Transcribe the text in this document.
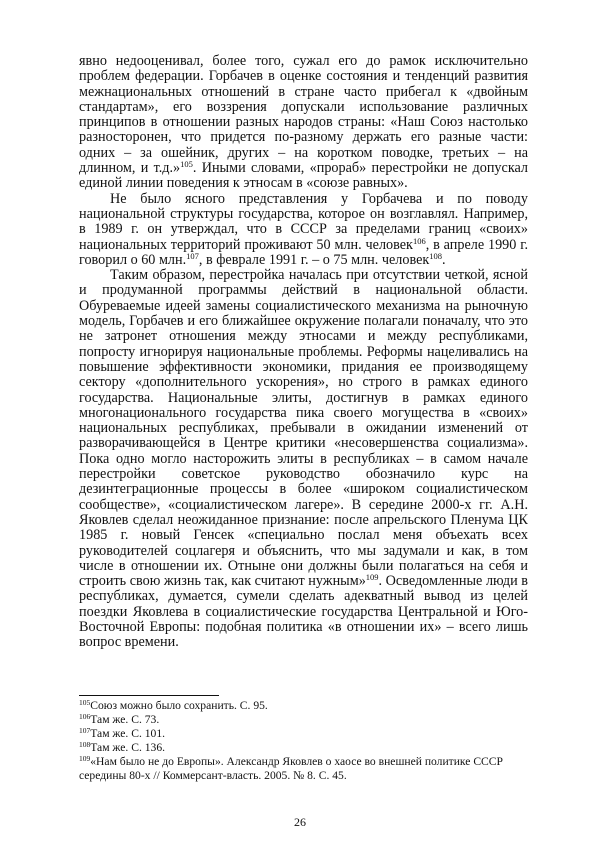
явно недооценивал, более того, сужал его до рамок исключительно проблем федерации. Горбачев в оценке состояния и тенденций развития межнациональных отношений в стране часто прибегал к «двойным стандартам», его воззрения допускали использование различных принципов в отношении разных народов страны: «Наш Союз настолько разносторонен, что придется по-разному держать его разные части: одних – за ошейник, других – на коротком поводке, третьих – на длинном, и т.д.»$^{105}$. Иными словами, «прораб» перестройки не допускал единой линии поведения к этносам в «союзе равных».

Не было ясного представления у Горбачева и по поводу национальной структуры государства, которое он возглавлял. Например, в 1989 г. он утверждал, что в СССР за пределами границ «своих» национальных территорий проживают 50 млн. человек$^{106}$, в апреле 1990 г. говорил о 60 млн.$^{107}$, в феврале 1991 г. – о 75 млн. человек$^{108}$.

Таким образом, перестройка началась при отсутствии четкой, ясной и продуманной программы действий в национальной области. Обуреваемые идеей замены социалистического механизма на рыночную модель, Горбачев и его ближайшее окружение полагали поначалу, что это не затронет отношения между этносами и между республиками, попросту игнорируя национальные проблемы. Реформы нацеливались на повышение эффективности экономики, придания ее производящему сектору «дополнительного ускорения», но строго в рамках единого государства. Национальные элиты, достигнув в рамках единого многонационального государства пика своего могущества в «своих» национальных республиках, пребывали в ожидании изменений от разворачивающейся в Центре критики «несовершенства социализма». Пока одно могло насторожить элиты в республиках – в самом начале перестройки советское руководство обозначило курс на дезинтеграционные процессы в более «широком социалистическом сообществе», «социалистическом лагере». В середине 2000-х гг. А.Н. Яковлев сделал неожиданное признание: после апрельского Пленума ЦК 1985 г. новый Генсек «специально послал меня объехать всех руководителей соцлагеря и объяснить, что мы задумали и как, в том числе в отношении их. Отныне они должны были полагаться на себя и строить свою жизнь так, как считают нужным»$^{109}$. Осведомленные люди в республиках, думается, сумели сделать адекватный вывод из целей поездки Яковлева в социалистические государства Центральной и Юго-Восточной Европы: подобная политика «в отношении их» – всего лишь вопрос времени.

$^{105}$Союз можно было сохранить. С. 95.

$^{106}$Там же. С. 73.

$^{107}$Там же. С. 101.

$^{108}$Там же. С. 136.

$^{109}$«Нам было не до Европы». Александр Яковлев о хаосе во внешней политике СССР середины 80-х // Коммерсант-власть. 2005. № 8. С. 45.

26
